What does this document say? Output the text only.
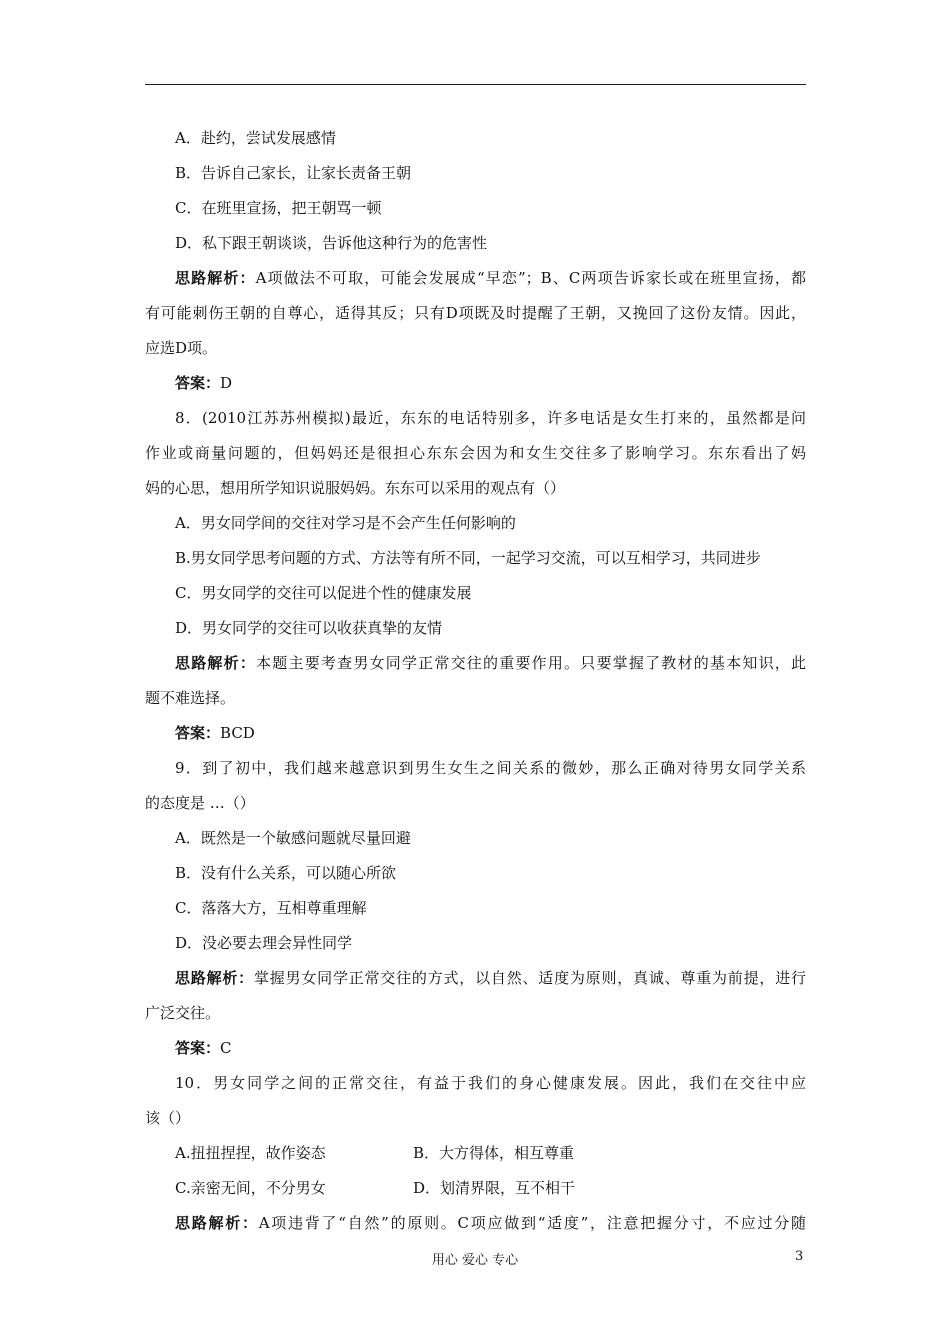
A．赴约，尝试发展感情
B．告诉自己家长，让家长责备王朝
C．在班里宣扬，把王朝骂一顿
D．私下跟王朝谈谈，告诉他这种行为的危害性
思路解析：A项做法不可取，可能会发展成“早恋”；B、C两项告诉家长或在班里宣扬，都
有可能刺伤王朝的自尊心，适得其反；只有D项既及时提醒了王朝，又挽回了这份友情。因此，
应选D项。
答案：D
8．(2010江苏苏州模拟)最近，东东的电话特别多，许多电话是女生打来的，虽然都是问
作业或商量问题的，但妈妈还是很担心东东会因为和女生交往多了影响学习。东东看出了妈
妈的心思，想用所学知识说服妈妈。东东可以采用的观点有（）
A．男女同学间的交往对学习是不会产生任何影响的
B.男女同学思考问题的方式、方法等有所不同，一起学习交流，可以互相学习，共同进步
C．男女同学的交往可以促进个性的健康发展
D．男女同学的交往可以收获真挚的友情
思路解析：本题主要考查男女同学正常交往的重要作用。只要掌握了教材的基本知识，此
题不难选择。
答案：BCD
9．到了初中，我们越来越意识到男生女生之间关系的微妙，那么正确对待男女同学关系
的态度是 …（）
A．既然是一个敏感问题就尽量回避
B．没有什么关系，可以随心所欲
C．落落大方，互相尊重理解
D．没必要去理会异性同学
思路解析：掌握男女同学正常交往的方式，以自然、适度为原则，真诚、尊重为前提，进行
广泛交往。
答案：C
10．男女同学之间的正常交往，有益于我们的身心健康发展。因此，我们在交往中应
该（）
A.扭扭捏捏，故作姿态	B．大方得体，相互尊重
C.亲密无间，不分男女	D．划清界限，互不相干
思路解析：A项违背了“自然”的原则。C项应做到“适度”，注意把握分寸，不应过分随
用心 爱心 专心	3
